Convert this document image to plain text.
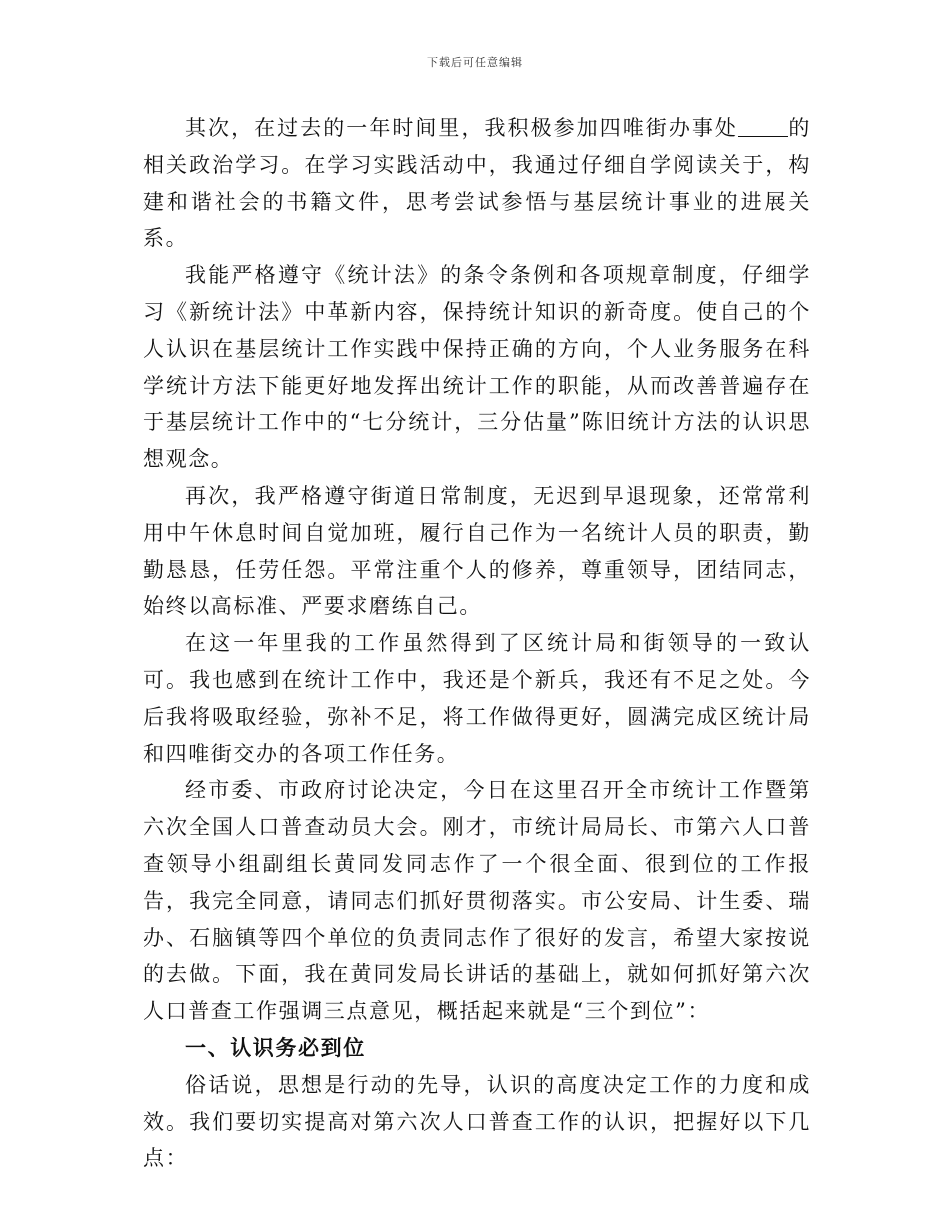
下载后可任意编辑

其次，在过去的一年时间里，我积极参加四唯街办事处 的相关政治学习。在学习实践活动中，我通过仔细自学阅读关于，构建和谐社会的书籍文件，思考尝试参悟与基层统计事业的进展关系。

我能严格遵守《统计法》的条令条例和各项规章制度，仔细学习《新统计法》中革新内容，保持统计知识的新奇度。使自己的个人认识在基层统计工作实践中保持正确的方向，个人业务服务在科学统计方法下能更好地发挥出统计工作的职能，从而改善普遍存在于基层统计工作中的“七分统计，三分估量”陈旧统计方法的认识思想观念。

再次，我严格遵守街道日常制度，无迟到早退现象，还常常利用中午休息时间自觉加班，履行自己作为一名统计人员的职责，勤勤恳恳，任劳任怨。平常注重个人的修养，尊重领导，团结同志，始终以高标准、严要求磨练自己。

在这一年里我的工作虽然得到了区统计局和街领导的一致认可。我也感到在统计工作中，我还是个新兵，我还有不足之处。今后我将吸取经验，弥补不足，将工作做得更好，圆满完成区统计局和四唯街交办的各项工作任务。

经市委、市政府讨论决定，今日在这里召开全市统计工作暨第六次全国人口普查动员大会。刚才，市统计局局长、市第六人口普查领导小组副组长黄同发同志作了一个很全面、很到位的工作报告，我完全同意，请同志们抓好贯彻落实。市公安局、计生委、瑞办、石脑镇等四个单位的负责同志作了很好的发言，希望大家按说的去做。下面，我在黄同发局长讲话的基础上，就如何抓好第六次人口普查工作强调三点意见，概括起来就是“三个到位”：

一、认识务必到位

俗话说，思想是行动的先导，认识的高度决定工作的力度和成效。我们要切实提高对第六次人口普查工作的认识，把握好以下几点：
